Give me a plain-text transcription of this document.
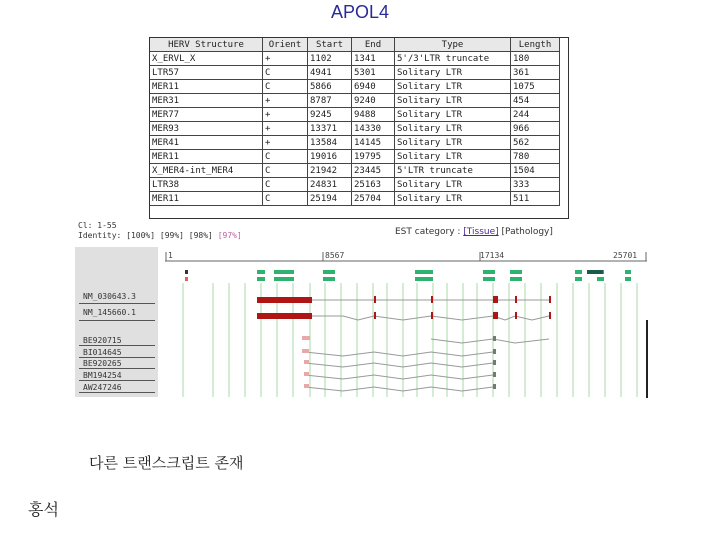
APOL4
HERV Structure	Orient	Start	End	Type	Length
X_ERVL_X	+	1102	1341	5'/3'LTR truncate	180
LTR57	C	4941	5301	Solitary LTR	361
MER11	C	5866	6940	Solitary LTR	1075
MER31	+	8787	9240	Solitary LTR	454
MER77	+	9245	9488	Solitary LTR	244
MER93	+	13371	14330	Solitary LTR	966
MER41	+	13584	14145	Solitary LTR	562
MER11	C	19016	19795	Solitary LTR	780
X_MER4-int_MER4	C	21942	23445	5'LTR truncate	1504
LTR38	C	24831	25163	Solitary LTR	333
MER11	C	25194	25704	Solitary LTR	511
Cl: 1-55
Identity: [100%] [99%] [98%] [97%]	EST category : [Tissue] [Pathology]
NM_030643.3
NM_145660.1
BE920715
BI014645
BE920265
BM194254
AW247246
1	8567	17134	25701
다른 트랜스크립트 존재
홍석
